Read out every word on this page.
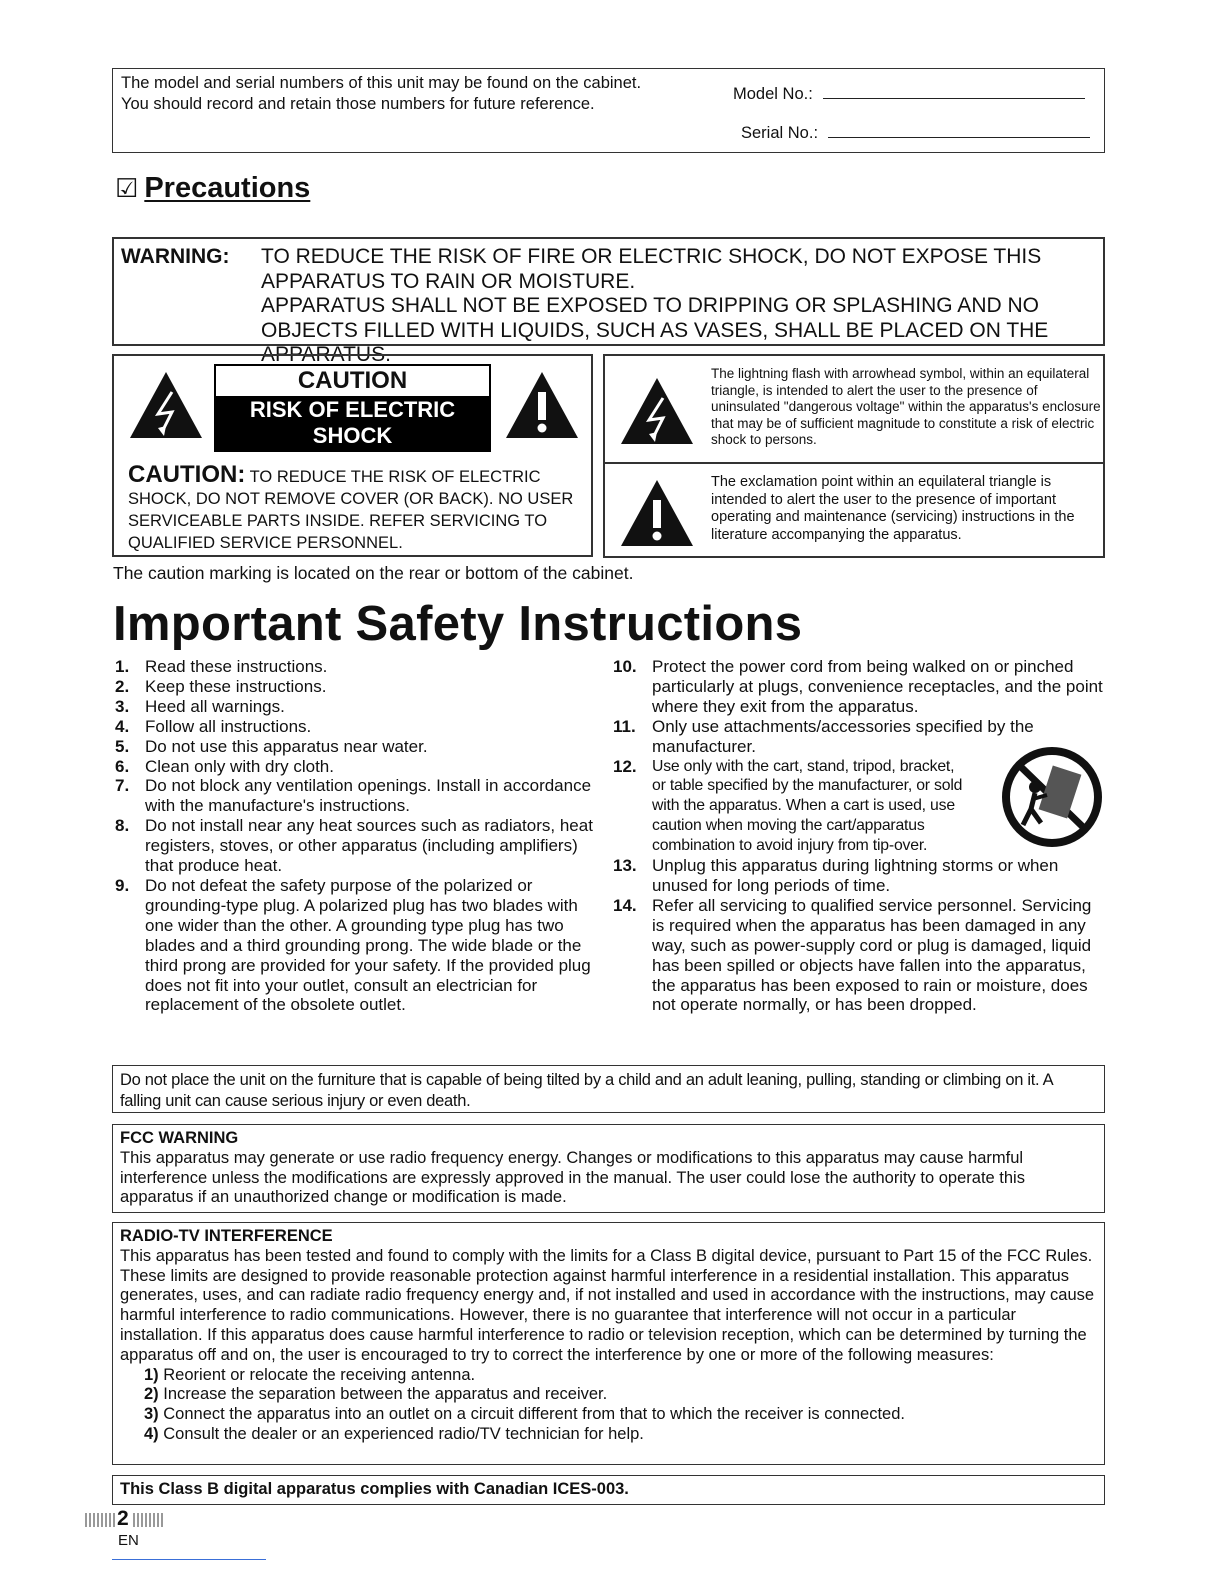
The model and serial numbers of this unit may be found on the cabinet.
You should record and retain those numbers for future reference.
Model No.:
Serial No.:
☑ Precautions
WARNING: TO REDUCE THE RISK OF FIRE OR ELECTRIC SHOCK, DO NOT EXPOSE THIS APPARATUS TO RAIN OR MOISTURE.

APPARATUS SHALL NOT BE EXPOSED TO DRIPPING OR SPLASHING AND NO OBJECTS FILLED WITH LIQUIDS, SUCH AS VASES, SHALL BE PLACED ON THE APPARATUS.

CAUTION
RISK OF ELECTRIC SHOCK
DO NOT OPEN
CAUTION: TO REDUCE THE RISK OF ELECTRIC SHOCK, DO NOT REMOVE COVER (OR BACK). NO USER SERVICEABLE PARTS INSIDE. REFER SERVICING TO QUALIFIED SERVICE PERSONNEL.
The lightning flash with arrowhead symbol, within an equilateral triangle, is intended to alert the user to the presence of uninsulated "dangerous voltage" within the apparatus's enclosure that may be of sufficient magnitude to constitute a risk of electric shock to persons.
The exclamation point within an equilateral triangle is intended to alert the user to the presence of important operating and maintenance (servicing) instructions in the literature accompanying the apparatus.
The caution marking is located on the rear or bottom of the cabinet.
Important Safety Instructions
1. Read these instructions.
2. Keep these instructions.
3. Heed all warnings.
4. Follow all instructions.
5. Do not use this apparatus near water.
6. Clean only with dry cloth.
7. Do not block any ventilation openings. Install in accordance with the manufacture's instructions.
8. Do not install near any heat sources such as radiators, heat registers, stoves, or other apparatus (including amplifiers) that produce heat.
9. Do not defeat the safety purpose of the polarized or grounding-type plug. A polarized plug has two blades with one wider than the other. A grounding type plug has two blades and a third grounding prong. The wide blade or the third prong are provided for your safety. If the provided plug does not fit into your outlet, consult an electrician for replacement of the obsolete outlet.
10. Protect the power cord from being walked on or pinched particularly at plugs, convenience receptacles, and the point where they exit from the apparatus.
11. Only use attachments/accessories specified by the manufacturer.
12. Use only with the cart, stand, tripod, bracket, or table specified by the manufacturer, or sold with the apparatus. When a cart is used, use caution when moving the cart/apparatus combination to avoid injury from tip-over.
13. Unplug this apparatus during lightning storms or when unused for long periods of time.
14. Refer all servicing to qualified service personnel. Servicing is required when the apparatus has been damaged in any way, such as power-supply cord or plug is damaged, liquid has been spilled or objects have fallen into the apparatus, the apparatus has been exposed to rain or moisture, does not operate normally, or has been dropped.
Do not place the unit on the furniture that is capable of being tilted by a child and an adult leaning, pulling, standing or climbing on it. A falling unit can cause serious injury or even death.
FCC WARNING

This apparatus may generate or use radio frequency energy. Changes or modifications to this apparatus may cause harmful interference unless the modifications are expressly approved in the manual. The user could lose the authority to operate this apparatus if an unauthorized change or modification is made.

RADIO-TV INTERFERENCE

This apparatus has been tested and found to comply with the limits for a Class B digital device, pursuant to Part 15 of the FCC Rules. These limits are designed to provide reasonable protection against harmful interference in a residential installation. This apparatus generates, uses, and can radiate radio frequency energy and, if not installed and used in accordance with the instructions, may cause harmful interference to radio communications. However, there is no guarantee that interference will not occur in a particular installation. If this apparatus does cause harmful interference to radio or television reception, which can be determined by turning the apparatus off and on, the user is encouraged to try to correct the interference by one or more of the following measures:

1) Reorient or relocate the receiving antenna.
2) Increase the separation between the apparatus and receiver.
3) Connect the apparatus into an outlet on a circuit different from that to which the receiver is connected.
4) Consult the dealer or an experienced radio/TV technician for help.
This Class B digital apparatus complies with Canadian ICES-003.
2
EN
